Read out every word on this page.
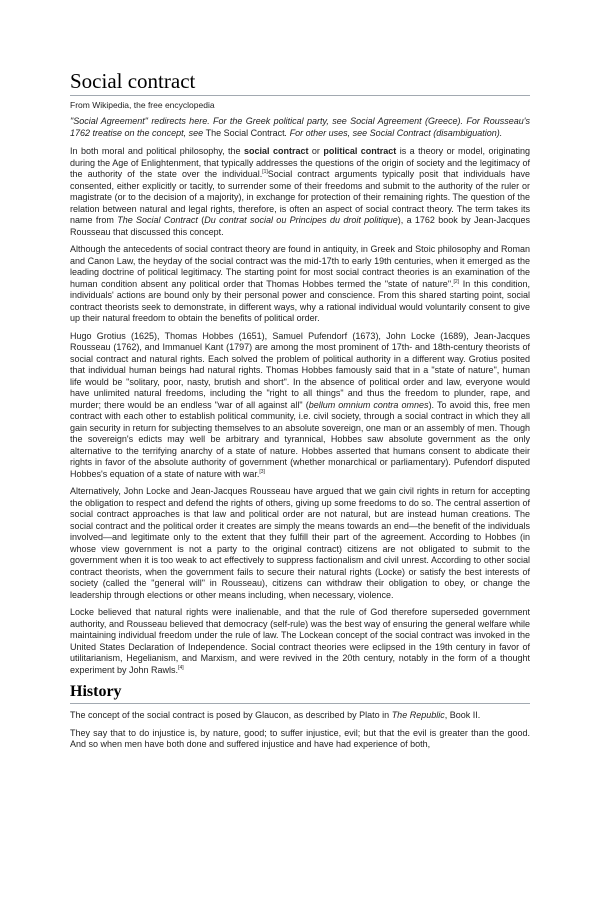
Social contract
From Wikipedia, the free encyclopedia
"Social Agreement" redirects here. For the Greek political party, see Social Agreement (Greece). For Rousseau's 1762 treatise on the concept, see The Social Contract. For other uses, see Social Contract (disambiguation).

In both moral and political philosophy, the social contract or political contract is a theory or model, originating during the Age of Enlightenment, that typically addresses the questions of the origin of society and the legitimacy of the authority of the state over the individual.[1]Social contract arguments typically posit that individuals have consented, either explicitly or tacitly, to surrender some of their freedoms and submit to the authority of the ruler or magistrate (or to the decision of a majority), in exchange for protection of their remaining rights. The question of the relation between natural and legal rights, therefore, is often an aspect of social contract theory. The term takes its name from The Social Contract (Du contrat social ou Principes du droit politique), a 1762 book by Jean-Jacques Rousseau that discussed this concept.

Although the antecedents of social contract theory are found in antiquity, in Greek and Stoic philosophy and Roman and Canon Law, the heyday of the social contract was the mid-17th to early 19th centuries, when it emerged as the leading doctrine of political legitimacy. The starting point for most social contract theories is an examination of the human condition absent any political order that Thomas Hobbes termed the "state of nature".[2] In this condition, individuals' actions are bound only by their personal power and conscience. From this shared starting point, social contract theorists seek to demonstrate, in different ways, why a rational individual would voluntarily consent to give up their natural freedom to obtain the benefits of political order.

Hugo Grotius (1625), Thomas Hobbes (1651), Samuel Pufendorf (1673), John Locke (1689), Jean-Jacques Rousseau (1762), and Immanuel Kant (1797) are among the most prominent of 17th- and 18th-century theorists of social contract and natural rights. Each solved the problem of political authority in a different way. Grotius posited that individual human beings had natural rights. Thomas Hobbes famously said that in a "state of nature", human life would be "solitary, poor, nasty, brutish and short". In the absence of political order and law, everyone would have unlimited natural freedoms, including the "right to all things" and thus the freedom to plunder, rape, and murder; there would be an endless "war of all against all" (bellum omnium contra omnes). To avoid this, free men contract with each other to establish political community, i.e. civil society, through a social contract in which they all gain security in return for subjecting themselves to an absolute sovereign, one man or an assembly of men. Though the sovereign's edicts may well be arbitrary and tyrannical, Hobbes saw absolute government as the only alternative to the terrifying anarchy of a state of nature. Hobbes asserted that humans consent to abdicate their rights in favor of the absolute authority of government (whether monarchical or parliamentary). Pufendorf disputed Hobbes's equation of a state of nature with war.[3]

Alternatively, John Locke and Jean-Jacques Rousseau have argued that we gain civil rights in return for accepting the obligation to respect and defend the rights of others, giving up some freedoms to do so. The central assertion of social contract approaches is that law and political order are not natural, but are instead human creations. The social contract and the political order it creates are simply the means towards an end—the benefit of the individuals involved—and legitimate only to the extent that they fulfill their part of the agreement. According to Hobbes (in whose view government is not a party to the original contract) citizens are not obligated to submit to the government when it is too weak to act effectively to suppress factionalism and civil unrest. According to other social contract theorists, when the government fails to secure their natural rights (Locke) or satisfy the best interests of society (called the "general will" in Rousseau), citizens can withdraw their obligation to obey, or change the leadership through elections or other means including, when necessary, violence.

Locke believed that natural rights were inalienable, and that the rule of God therefore superseded government authority, and Rousseau believed that democracy (self-rule) was the best way of ensuring the general welfare while maintaining individual freedom under the rule of law. The Lockean concept of the social contract was invoked in the United States Declaration of Independence. Social contract theories were eclipsed in the 19th century in favor of utilitarianism, Hegelianism, and Marxism, and were revived in the 20th century, notably in the form of a thought experiment by John Rawls.[4]

History

The concept of the social contract is posed by Glaucon, as described by Plato in The Republic, Book II.

They say that to do injustice is, by nature, good; to suffer injustice, evil; but that the evil is greater than the good. And so when men have both done and suffered injustice and have had experience of both,
